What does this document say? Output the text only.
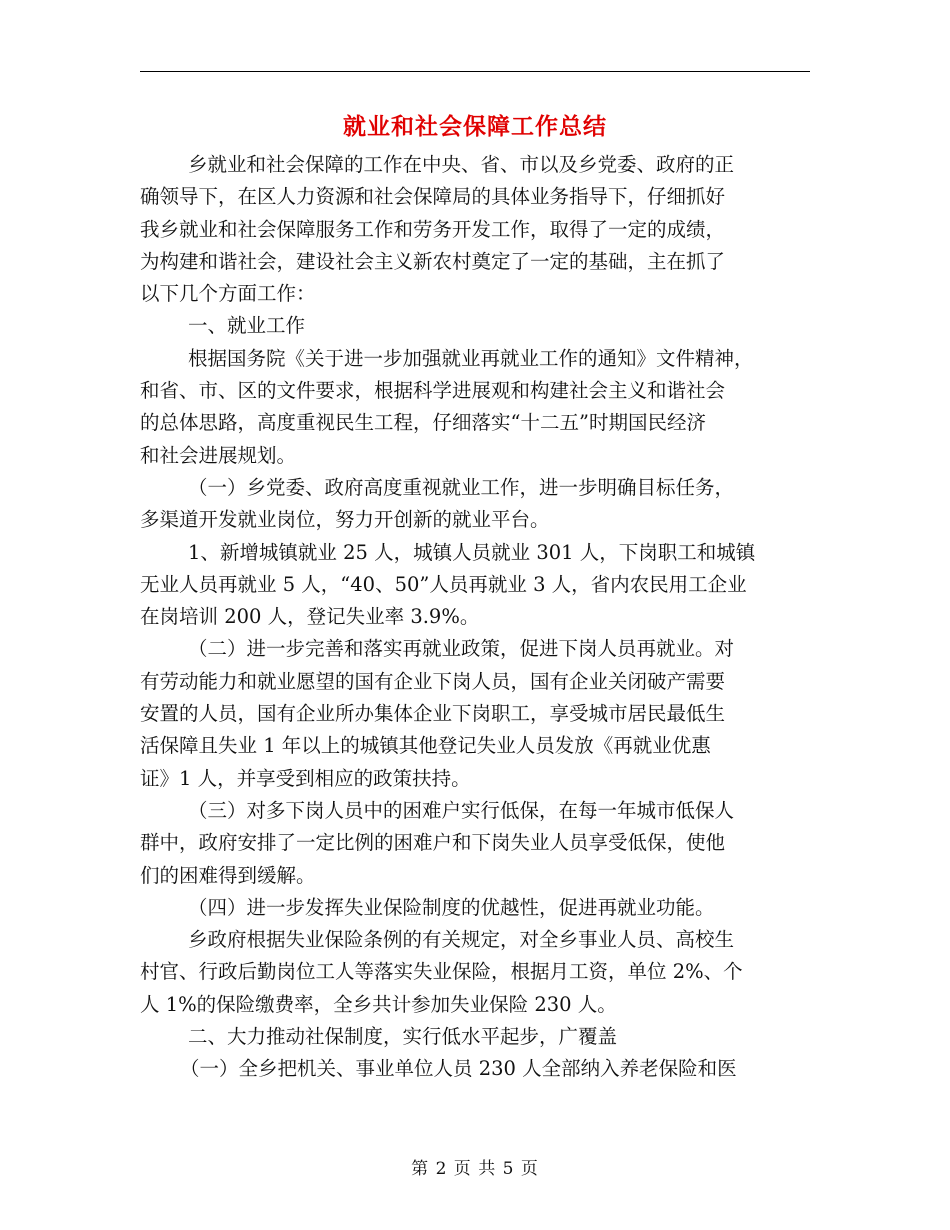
就业和社会保障工作总结

乡就业和社会保障的工作在中央、省、市以及乡党委、政府的正
确领导下，在区人力资源和社会保障局的具体业务指导下，仔细抓好
我乡就业和社会保障服务工作和劳务开发工作，取得了一定的成绩，
为构建和谐社会，建设社会主义新农村奠定了一定的基础，主在抓了
以下几个方面工作：
一、就业工作
根据国务院《关于进一步加强就业再就业工作的通知》文件精神，
和省、市、区的文件要求，根据科学进展观和构建社会主义和谐社会
的总体思路，高度重视民生工程，仔细落实“十二五”时期国民经济
和社会进展规划。
（一）乡党委、政府高度重视就业工作，进一步明确目标任务，
多渠道开发就业岗位，努力开创新的就业平台。
1、新增城镇就业 25 人，城镇人员就业 301 人，下岗职工和城镇
无业人员再就业 5 人，“40、50”人员再就业 3 人，省内农民用工企业
在岗培训 200 人，登记失业率 3.9%。
（二）进一步完善和落实再就业政策，促进下岗人员再就业。对
有劳动能力和就业愿望的国有企业下岗人员，国有企业关闭破产需要
安置的人员，国有企业所办集体企业下岗职工，享受城市居民最低生
活保障且失业 1 年以上的城镇其他登记失业人员发放《再就业优惠
证》1 人，并享受到相应的政策扶持。
（三）对多下岗人员中的困难户实行低保，在每一年城市低保人
群中，政府安排了一定比例的困难户和下岗失业人员享受低保，使他
们的困难得到缓解。
（四）进一步发挥失业保险制度的优越性，促进再就业功能。
乡政府根据失业保险条例的有关规定，对全乡事业人员、高校生
村官、行政后勤岗位工人等落实失业保险，根据月工资，单位 2%、个
人 1%的保险缴费率，全乡共计参加失业保险 230 人。
二、大力推动社保制度，实行低水平起步，广覆盖
（一）全乡把机关、事业单位人员 230 人全部纳入养老保险和医

第 2 页 共 5 页
